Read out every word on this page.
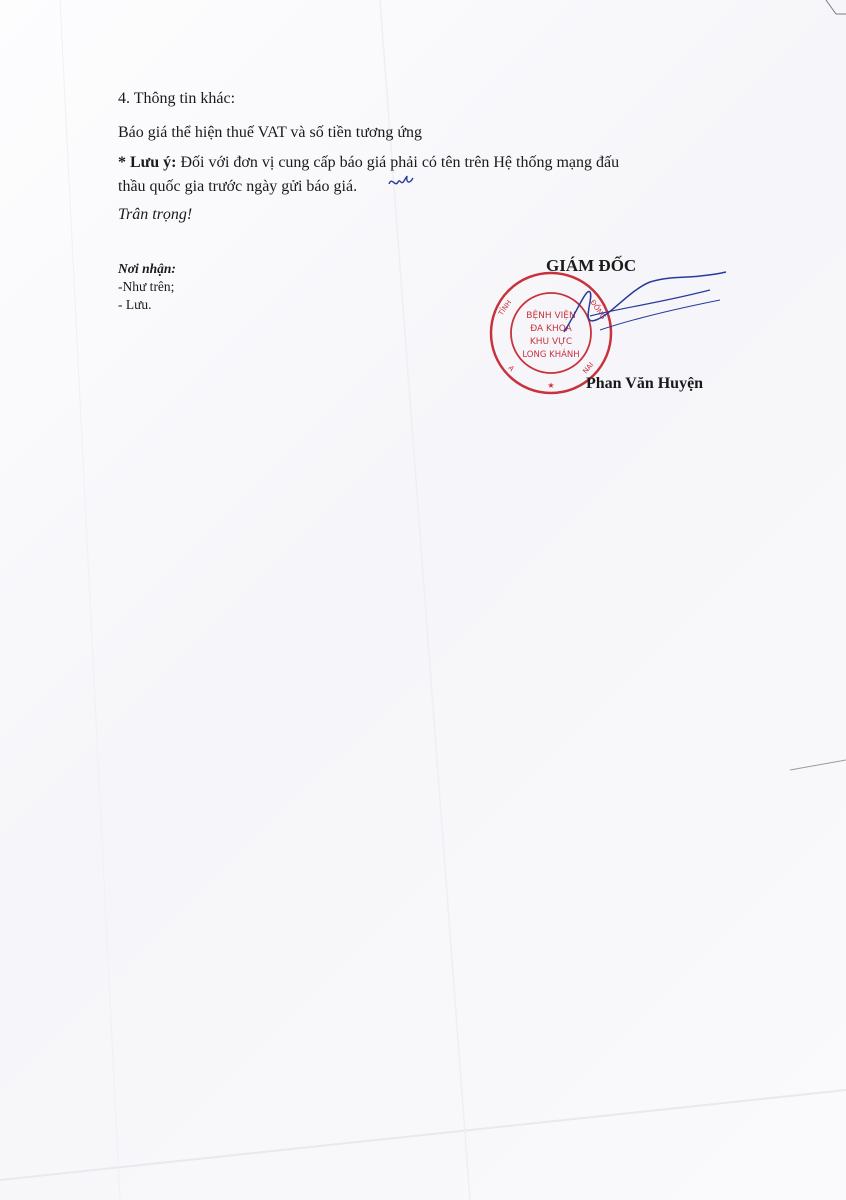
4. Thông tin khác:
Báo giá thể hiện thuế VAT và số tiền tương ứng
* Lưu ý: Đối với đơn vị cung cấp báo giá phải có tên trên Hệ thống mạng đấu
thầu quốc gia trước ngày gửi báo giá.
Trân trọng!
Nơi nhận:
-Như trên;
- Lưu.
GIÁM ĐỐC
TỈNH	ĐỒNG
A	NAI
★
BỆNH VIỆN
ĐA KHOA
KHU VỰC
LONG KHÁNH
Phan Văn Huyện
